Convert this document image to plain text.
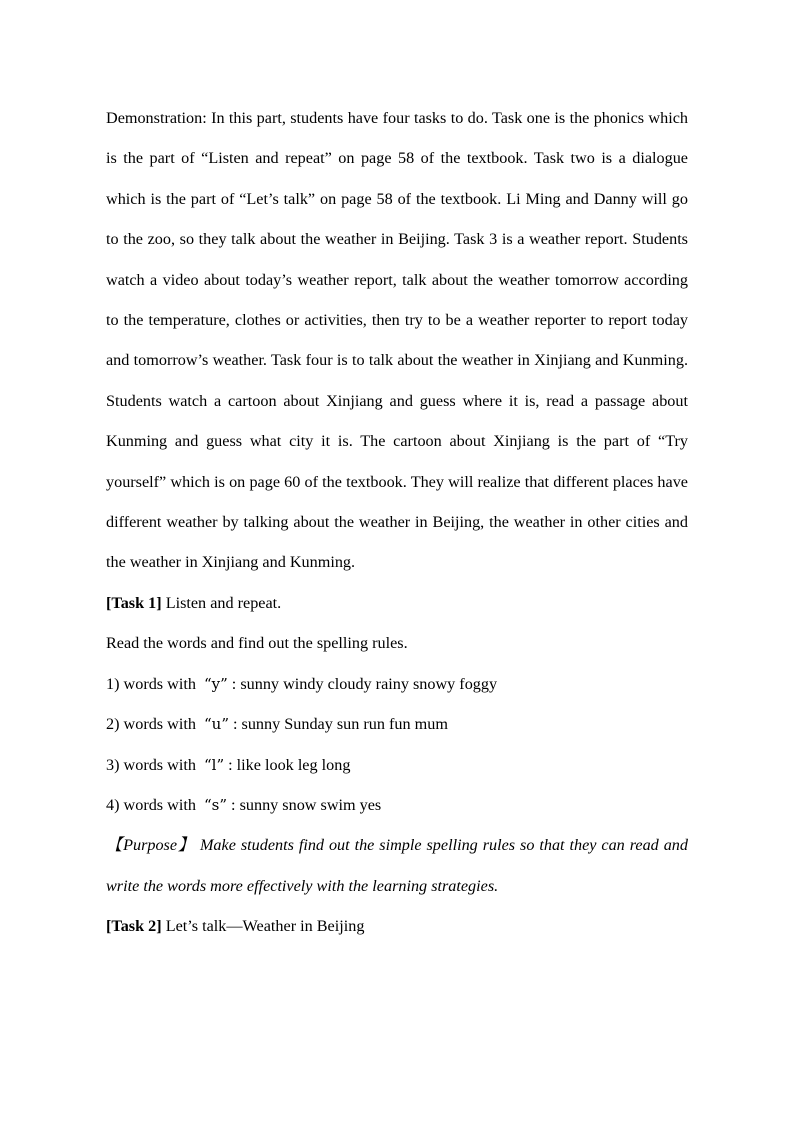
Demonstration: In this part, students have four tasks to do. Task one is the phonics which is the part of “Listen and repeat” on page 58 of the textbook. Task two is a dialogue which is the part of “Let’s talk” on page 58 of the textbook. Li Ming and Danny will go to the zoo, so they talk about the weather in Beijing. Task 3 is a weather report. Students watch a video about today’s weather report, talk about the weather tomorrow according to the temperature, clothes or activities, then try to be a weather reporter to report today and tomorrow’s weather. Task four is to talk about the weather in Xinjiang and Kunming. Students watch a cartoon about Xinjiang and guess where it is, read a passage about Kunming and guess what city it is. The cartoon about Xinjiang is the part of “Try yourself” which is on page 60 of the textbook. They will realize that different places have different weather by talking about the weather in Beijing, the weather in other cities and the weather in Xinjiang and Kunming.

[Task 1] Listen and repeat.

Read the words and find out the spelling rules.

1) words with “y” : sunny windy cloudy rainy snowy foggy

2) words with “u” : sunny Sunday sun run fun mum

3) words with “l” : like look leg long

4) words with “s” : sunny snow swim yes

【Purpose】 Make students find out the simple spelling rules so that they can read and write the words more effectively with the learning strategies.

[Task 2] Let’s talk—Weather in Beijing
